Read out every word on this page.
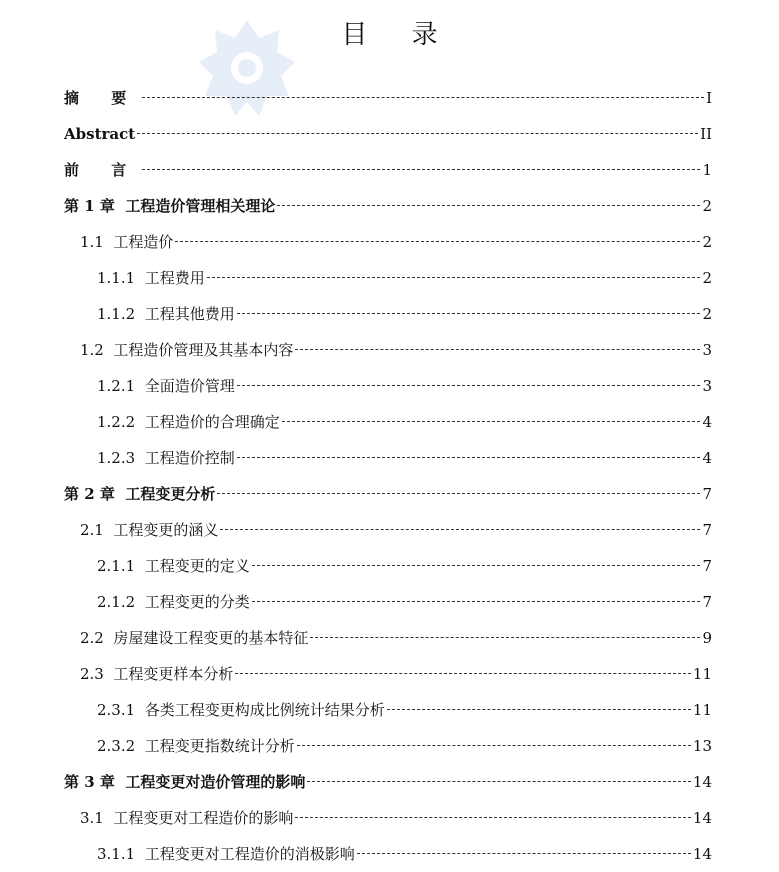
目 录
摘 要	I
Abstract	II
前 言	1
第 1 章 工程造价管理相关理论	2
1.1 工程造价	2
1.1.1 工程费用	2
1.1.2 工程其他费用	2
1.2 工程造价管理及其基本内容	3
1.2.1 全面造价管理	3
1.2.2 工程造价的合理确定	4
1.2.3 工程造价控制	4
第 2 章 工程变更分析	7
2.1 工程变更的涵义	7
2.1.1 工程变更的定义	7
2.1.2 工程变更的分类	7
2.2 房屋建设工程变更的基本特征	9
2.3 工程变更样本分析	11
2.3.1 各类工程变更构成比例统计结果分析	11
2.3.2 工程变更指数统计分析	13
第 3 章 工程变更对造价管理的影响	14
3.1 工程变更对工程造价的影响	14
3.1.1 工程变更对工程造价的消极影响	14
